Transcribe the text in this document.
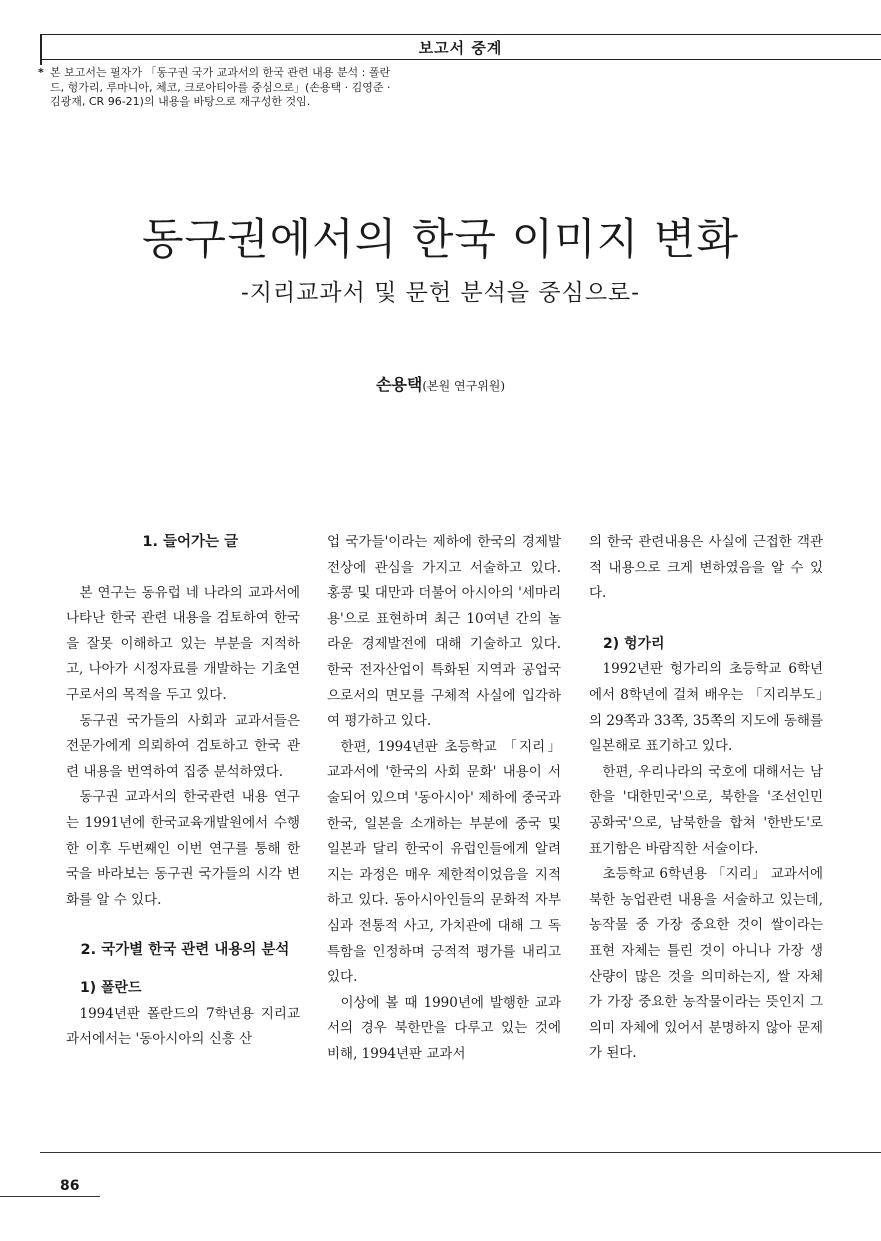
보고서 중계
* 본 보고서는 필자가 「동구권 국가 교과서의 한국 관련 내용 분석 : 폴란드, 헝가리, 루마니아, 체코, 크로아티아를 중심으로」(손용택 · 김영준 · 김광재, CR 96-21)의 내용을 바탕으로 재구성한 것임.
동구권에서의 한국 이미지 변화
-지리교과서 및 문헌 분석을 중심으로-
손용택(본원 연구위원)

1. 들어가는 글

본 연구는 동유럽 네 나라의 교과서에 나타난 한국 관련 내용을 검토하여 한국을 잘못 이해하고 있는 부분을 지적하고, 나아가 시정자료를 개발하는 기초연구로서의 목적을 두고 있다.

동구권 국가들의 사회과 교과서들은 전문가에게 의뢰하여 검토하고 한국 관련 내용을 번역하여 집중 분석하였다.

동구권 교과서의 한국관련 내용 연구는 1991년에 한국교육개발원에서 수행한 이후 두번째인 이번 연구를 통해 한국을 바라보는 동구권 국가들의 시각 변화를 알 수 있다.

2. 국가별 한국 관련 내용의 분석

1) 폴란드

1994년판 폴란드의 7학년용 지리교과서에서는 '동아시아의 신흥 산

업 국가들'이라는 제하에 한국의 경제발전상에 관심을 가지고 서술하고 있다. 홍콩 및 대만과 더불어 아시아의 '세마리 용'으로 표현하며 최근 10여년 간의 놀라운 경제발전에 대해 기술하고 있다. 한국 전자산업이 특화된 지역과 공업국으로서의 면모를 구체적 사실에 입각하여 평가하고 있다.

한편, 1994년판 초등학교 「지리」 교과서에 '한국의 사회 문화' 내용이 서술되어 있으며 '동아시아' 제하에 중국과 한국, 일본을 소개하는 부분에 중국 및 일본과 달리 한국이 유럽인들에게 알려지는 과정은 매우 제한적이었음을 지적하고 있다. 동아시아인들의 문화적 자부심과 전통적 사고, 가치관에 대해 그 독특함을 인정하며 긍적적 평가를 내리고 있다.

이상에 볼 때 1990년에 발행한 교과서의 경우 북한만을 다루고 있는 것에 비해, 1994년판 교과서

의 한국 관련내용은 사실에 근접한 객관적 내용으로 크게 변하였음을 알 수 있다.

2) 헝가리

1992년판 헝가리의 초등학교 6학년에서 8학년에 걸쳐 배우는 「지리부도」의 29쪽과 33쪽, 35쪽의 지도에 동해를 일본해로 표기하고 있다.

한편, 우리나라의 국호에 대해서는 남한을 '대한민국'으로, 북한을 '조선인민공화국'으로, 남북한을 합쳐 '한반도'로 표기함은 바람직한 서술이다.

초등학교 6학년용 「지리」 교과서에 북한 농업관련 내용을 서술하고 있는데, 농작물 중 가장 중요한 것이 쌀이라는 표현 자체는 틀린 것이 아니나 가장 생산량이 많은 것을 의미하는지, 쌀 자체가 가장 중요한 농작물이라는 뜻인지 그 의미 자체에 있어서 분명하지 않아 문제가 된다.

86
